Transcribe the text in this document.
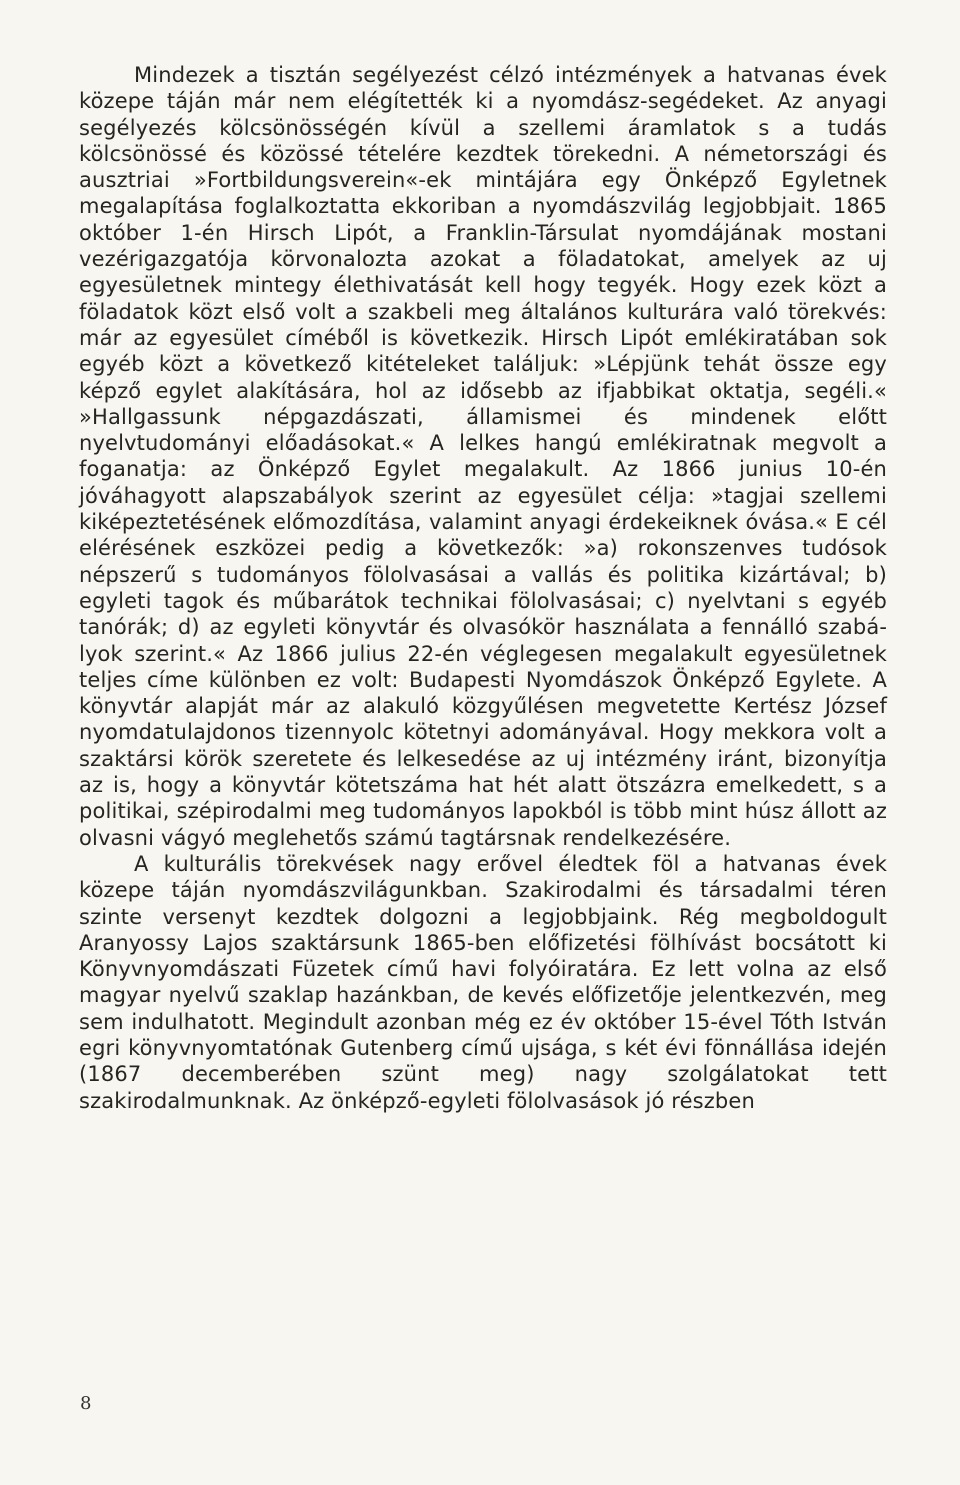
Mindezek a tisztán segélyezést célzó intézmények a hatvanas évek közepe táján már nem elégítették ki a nyomdász-segédeket. Az anyagi segélyezés kölcsönösségén kívül a szellemi áramlatok s a tudás kölcsönössé és közössé tételére kezdtek törekedni. A németországi és ausztriai »Fortbildungsverein«-ek mintájára egy Önképző Egyletnek megalapítása foglalkoztatta ekkoriban a nyomdászvilág legjobbjait. 1865 október 1-én Hirsch Lipót, a Franklin-Társulat nyomdájának mostani vezérigazgatója körvonalozta azokat a föladatokat, amelyek az uj egyesületnek mintegy élethivatását kell hogy tegyék. Hogy ezek közt a föladatok közt első volt a szakbeli meg általános kulturára való törekvés: már az egyesület címéből is következik. Hirsch Lipót emlékiratában sok egyéb közt a következő kitételeket találjuk: »Lépjünk tehát össze egy képző egylet alakítására, hol az idősebb az ifjabbikat oktatja, segéli.« »Hallgassunk népgazdászati, államismei és mindenek előtt nyelvtudományi előadásokat.« A lelkes hangú emlékiratnak megvolt a foganatja: az Önképző Egylet megalakult. Az 1866 junius 10-én jóváhagyott alapszabályok szerint az egyesület célja: »tagjai szellemi kiképeztetésének előmozdítása, valamint anyagi érdekeiknek óvása.« E cél elérésének eszközei pedig a következők: »a) rokonszenves tudósok népszerű s tudományos fölolvasásai a vallás és politika kizártával; b) egyleti tagok és műbarátok technikai fölolvasásai; c) nyelvtani s egyéb tanórák; d) az egyleti könyvtár és olvasókör használata a fennálló szabályok szerint.« Az 1866 julius 22-én véglegesen megalakult egyesületnek teljes címe különben ez volt: Budapesti Nyomdászok Önképző Egylete. A könyvtár alapját már az alakuló közgyűlésen megvetette Kertész József nyomdatulajdonos tizennyolc kötetnyi adományával. Hogy mekkora volt a szaktársi körök szeretete és lelkesedése az uj intézmény iránt, bizonyítja az is, hogy a könyvtár kötetszáma hat hét alatt ötszázra emelkedett, s a politikai, szépirodalmi meg tudományos lapokból is több mint húsz állott az olvasni vágyó meglehetős számú tagtársnak rendelkezésére.

A kulturális törekvések nagy erővel éledtek föl a hatvanas évek közepe táján nyomdászvilágunkban. Szakirodalmi és társadalmi téren szinte versenyt kezdtek dolgozni a legjobbjaink. Rég megboldogult Aranyossy Lajos szaktársunk 1865-ben előfizetési fölhívást bocsátott ki Könyvnyomdászati Füzetek című havi folyóiratára. Ez lett volna az első magyar nyelvű szaklap hazánkban, de kevés előfizetője jelentkezvén, meg sem indulhatott. Megindult azonban még ez év október 15-ével Tóth István egri könyvnyomtatónak Gutenberg című ujsága, s két évi fönnállása idején (1867 decemberében szünt meg) nagy szolgálatokat tett szakirodalmunknak. Az önképző-egyleti fölolvasások jó részben

8
